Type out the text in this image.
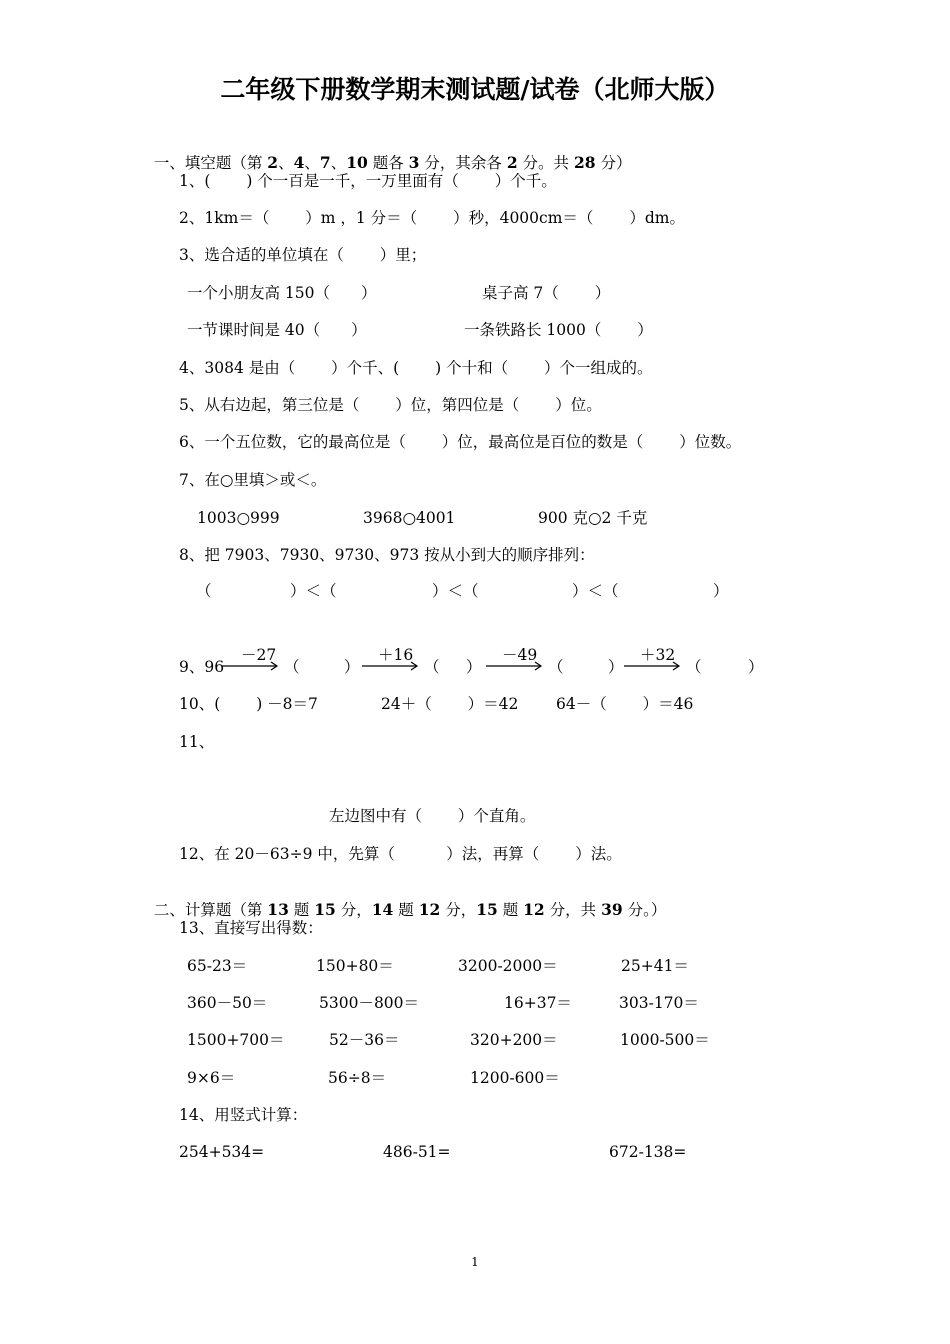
二年级下册数学期末测试题/试卷（北师大版）

一、填空题（第 2、4、7、10 题各 3 分，其余各 2 分。共 28 分）

1、(　　 ) 个一百是一千，一万里面有（　　 ）个千。
2、1km＝（　　 ）m ，1 分＝（　　 ）秒，4000cm＝（　　 ）dm。
3、选合适的单位填在（　　 ）里；
一个小朋友高 150（　　）	桌子高 7（　　 ）
一节课时间是 40（　　）	一条铁路长 1000（　　 ）
4、3084 是由（　　 ）个千、(　　 ) 个十和（　　 ）个一组成的。
5、从右边起，第三位是（　　 ）位，第四位是（　　 ）位。
6、一个五位数，它的最高位是（　　 ）位，最高位是百位的数是（　　 ）位数。
7、在○里填＞或＜。
1003○999	3968○4001	900 克○2 千克
8、把 7903、7930、9730、973 按从小到大的顺序排列：
（	）＜（	）＜（	）＜（	）
9、96
－27
（	）
＋16
（ ）
－49
（	）
＋32
（	）
10、(　　 ) －8＝7	24＋（　　 ）＝42 64－（　　 ）＝46
11、
左边图中有（　　 ）个直角。
12、在 20－63÷9 中，先算（　　　 ）法，再算（　　 ）法。

二、计算题（第 13 题 15 分，14 题 12 分，15 题 12 分，共 39 分。）

13、直接写出得数：
65-23＝	150+80＝	3200-2000＝	25+41＝
360－50＝	5300－800＝	16+37＝	303-170＝
1500+700＝	52－36＝	320+200＝	1000-500＝
9×6＝	56÷8＝	1200-600＝
14、用竖式计算：
254+534=	486-51=	672-138=
1
